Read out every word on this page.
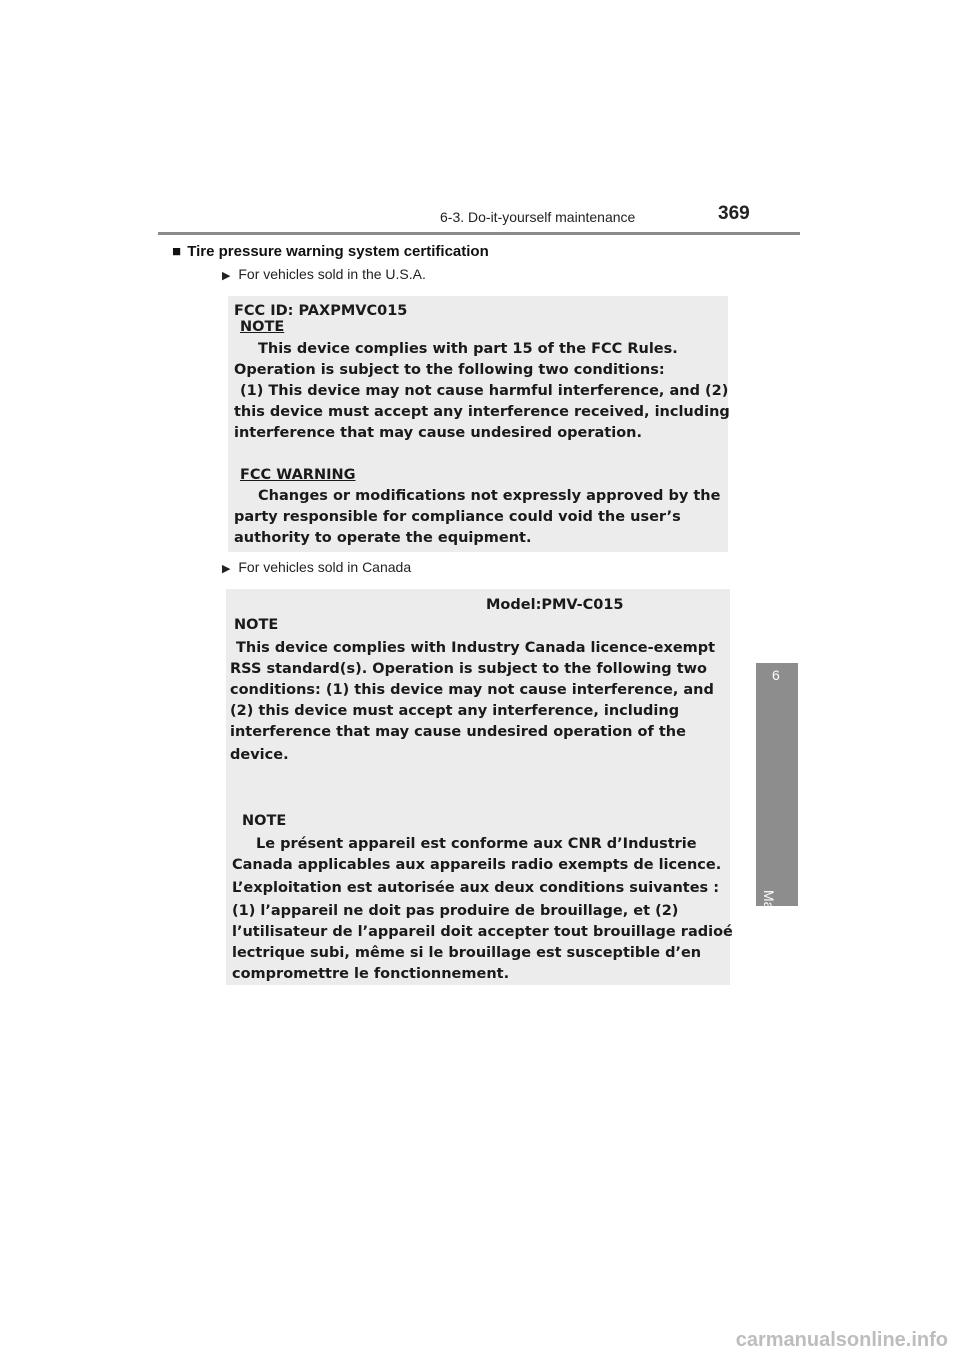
6-3. Do-it-yourself maintenance	369
6
Maintenance and care
■ Tire pressure warning system certification
▶ For vehicles sold in the U.S.A.
FCC ID: PAXPMVC015
NOTE
This device complies with part 15 of the FCC Rules.
Operation is subject to the following two conditions:
(1) This device may not cause harmful interference, and (2)
this device must accept any interference received, including
interference that may cause undesired operation.
FCC WARNING
Changes or modifications not expressly approved by the
party responsible for compliance could void the user’s
authority to operate the equipment.
▶ For vehicles sold in Canada
Model:PMV-C015
NOTE
This device complies with Industry Canada licence-exempt
RSS standard(s). Operation is subject to the following two
conditions: (1) this device may not cause interference, and
(2) this device must accept any interference, including
interference that may cause undesired operation of the
device.
NOTE
Le présent appareil est conforme aux CNR d’Industrie
Canada applicables aux appareils radio exempts de licence.
L’exploitation est autorisée aux deux conditions suivantes :
(1) l’appareil ne doit pas produire de brouillage, et (2)
l’utilisateur de l’appareil doit accepter tout brouillage radioé
lectrique subi, même si le brouillage est susceptible d’en
compromettre le fonctionnement.
carmanualsonline.info
